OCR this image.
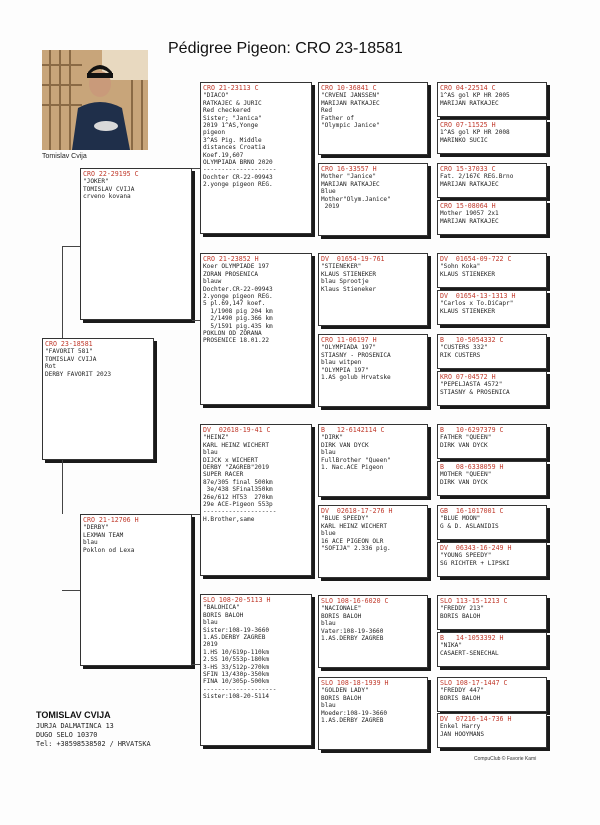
Pédigree Pigeon: CRO 23-18581
Tomislav Cvija
CRO 23-18581
"FAVORIT 581"
TOMISLAV CVIJA
Rot
DERBY FAVORIT 2023
CRO 22-29195 C
"JOKER"
TOMISLAV CVIJA
crveno kovana
CRO 21-12706 H
"DERBY"
LEXMAN TEAM
blau
Poklon od Lexa
CRO 21-23113 C
"DIACO"
RATKAJEC & JURIC
Red checkered
Sister; "Janica"
2019 1^AS,Yonge
pigeon
3^AS Pig. Middle
distances Croatia
Koef.19,607
OLYMPIADA BRNO 2020
--------------------
Dochter CR-22-09943
2.yonge pigeon REG.
CRO 21-23852 H
Koer OLYMPIADE 197
ZORAN PROSENICA
blauw
Dochter.CR-22-09943
2.yonge pigeon REG.
5 pl.69,147 koef.
1/1908 pig 204 km
2/1490 pig.366 km
5/1591 pig.435 km
POKLON OD ZORANA
PROSENICE 18.01.22
DV  02618-19-41 C
"HEINZ"
KARL HEINZ WICHERT
blau
DIJCK x WICHERT
DERBY "ZAGREB"2019
SUPER RACER
87e/305 final 500km
3e/438 SFinal350km
26e/612 HT53  270km
29e ACE-Pigeon 553p
--------------------
H.Brother,same
SLO 108-20-5113 H
"BALOHICA"
BORIS BALOH
blau
Sister:108-19-3660
1.AS.DERBY ZAGREB
2019
1.HS 10/619p-110km
2.SS 10/553p-180km
3-HS 33/512p-270km
SFIN 13/430p-350km
FINA 10/305p-500km
--------------------
Sister:108-20-5114
CRO 10-36841 C
"CRVENI JANSSEN"
MARIJAN RATKAJEC
Red
Father of
"Olympic Janice"
CRO 16-33557 H
Mother "Janice"
MARIJAN RATKAJEC
Blue
Mother"Olym.Janice"
2019
DV  01654-19-761
"STIENEKER"
KLAUS STIENEKER
blau Sprootje
Klaus Stieneker
CRO 11-06197 H
"OLYMPIADA 197"
STIASNY - PROSENICA
blau witpen
"OLYMPIA 197"
1.AS golub Hrvatske
B   12-6142114 C
"DIRK"
DIRK VAN DYCK
blau
FullBrother "Queen"
1. Nac.ACE Pigeon
DV  02618-17-276 H
"BLUE SPEEDY"
KARL HEINZ WICHERT
blue
16 ACE PIGEON OLR
"SOFIJA" 2.336 pig.
SLO 108-16-6020 C
"NACIONALE"
BORIS BALOH
blau
Vater:108-19-3660
1.AS.DERBY ZAGREB
SLO 108-18-1939 H
"GOLDEN LADY"
BORIS BALOH
blau
Moeder:108-19-3660
1.AS.DERBY ZAGREB
CRO 04-22514 C
1^AS gol KP HR 2005
MARIJAN RATKAJEC
CRO 07-11525 H
1^AS gol KP HR 2008
MARINKO SUCIC
CRO 15-37033 C
Fat. 2/167€ REG.Brno
MARIJAN RATKAJEC
CRO 15-08064 H
Mother 19057 2x1
MARIJAN RATKAJEC
DV  01654-09-722 C
"Sohn Koka"
KLAUS STIENEKER
DV  01654-13-1313 H
"Carlos x To.DiCapr"
KLAUS STIENEKER
B   10-5054332 C
"CUSTERS 332"
RIK CUSTERS
KRO 07-04572 H
"PEPELJASTA 4572"
STIASNY & PROSENICA
B   10-6297379 C
FATHER "QUEEN"
DIRK VAN DYCK
B   08-6338059 H
MOTHER "QUEEN"
DIRK VAN DYCK
GB  16-1017001 C
"BLUE MOON"
G & D. ASLANIDIS
DV  06343-16-249 H
"YOUNG SPEEDY"
SG RICHTER + LIPSKI
SLO 113-15-1213 C
"FREDDY 213"
BORIS BALOH
B   14-1053392 H
"NIKA"
CASAERT-SENECHAL
SLO 108-17-1447 C
"FREDDY 447"
BORIS BALOH
DV  07216-14-736 H
Enkel Harry
JAN HOOYMANS
TOMISLAV CVIJA
JURJA DALMATINCA 13
DUGO SELO 10370
Tel: +38598538502 / HRVATSKA
CompuClub © Favorie Kami
